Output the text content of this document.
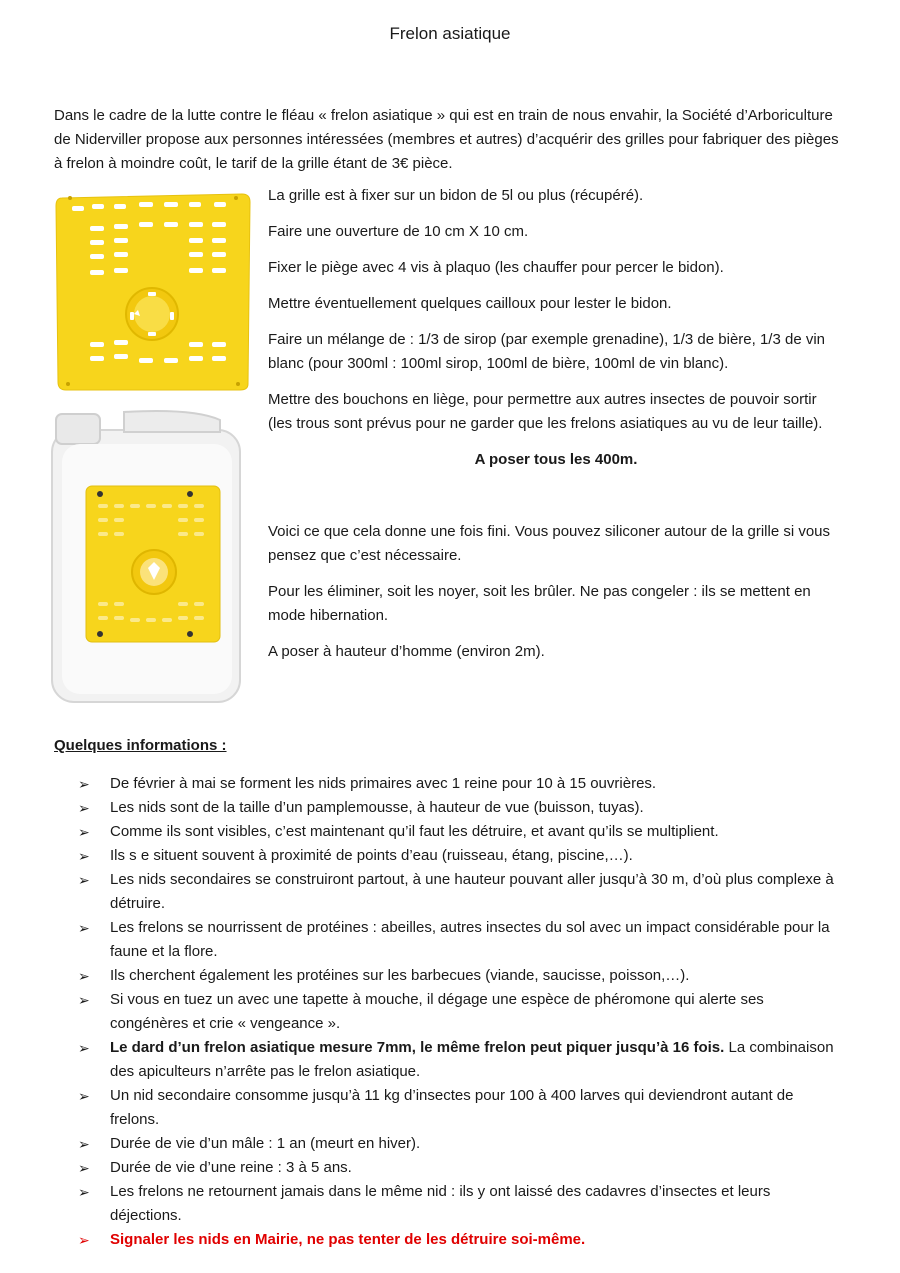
Frelon asiatique
Dans le cadre de la lutte contre le fléau « frelon asiatique » qui est en train de nous envahir, la Société d’Arboriculture de Niderviller propose aux personnes intéressées (membres et autres) d’acquérir des grilles pour fabriquer des pièges à frelon à moindre coût, le tarif de la grille étant de 3€ pièce.

La grille est à fixer sur un bidon de 5l ou plus (récupéré).

Faire une ouverture de 10 cm X 10 cm.

Fixer le piège avec 4 vis à plaquo (les chauffer pour percer le bidon).

Mettre éventuellement quelques cailloux pour lester le bidon.

Faire un mélange de : 1/3 de sirop (par exemple grenadine), 1/3 de bière, 1/3 de vin blanc (pour 300ml : 100ml sirop, 100ml de bière, 100ml de vin blanc).

Mettre des bouchons en liège, pour permettre aux autres insectes de pouvoir sortir (les trous sont prévus pour ne garder que les frelons asiatiques au vu de leur taille).

A poser tous les 400m.

Voici ce que cela donne une fois fini. Vous pouvez siliconer autour de la grille si vous pensez que c’est nécessaire.

Pour les éliminer, soit les noyer, soit les brûler. Ne pas congeler : ils se mettent en mode hibernation.

A poser à hauteur d’homme (environ 2m).

Quelques informations :
➢ De février à mai se forment les nids primaires avec 1 reine pour 10 à 15 ouvrières.
➢ Les nids sont de la taille d’un pamplemousse, à hauteur de vue (buisson, tuyas).
➢ Comme ils sont visibles, c’est maintenant qu’il faut les détruire, et avant qu’ils se multiplient.
➢ Ils s e situent souvent à proximité de points d’eau (ruisseau, étang, piscine,…).
➢ Les nids secondaires se construiront partout, à une hauteur pouvant aller jusqu’à 30 m, d’où plus complexe à détruire.
➢ Les frelons se nourrissent de protéines : abeilles, autres insectes du sol avec un impact considérable pour la faune et la flore.
➢ Ils cherchent également les protéines sur les barbecues (viande, saucisse, poisson,…).
➢ Si vous en tuez un avec une tapette à mouche, il dégage une espèce de phéromone qui alerte ses congénères et crie « vengeance ».
➢ Le dard d’un frelon asiatique mesure 7mm, le même frelon peut piquer jusqu’à 16 fois. La combinaison des apiculteurs n’arrête pas le frelon asiatique.
➢ Un nid secondaire consomme jusqu’à 11 kg d’insectes pour 100 à 400 larves qui deviendront autant de frelons.
➢ Durée de vie d’un mâle : 1 an (meurt en hiver).
➢ Durée de vie d’une reine : 3 à 5 ans.
➢ Les frelons ne retournent jamais dans le même nid : ils y ont laissé des cadavres d’insectes et leurs déjections.
➢ Signaler les nids en Mairie, ne pas tenter de les détruire soi-même.
